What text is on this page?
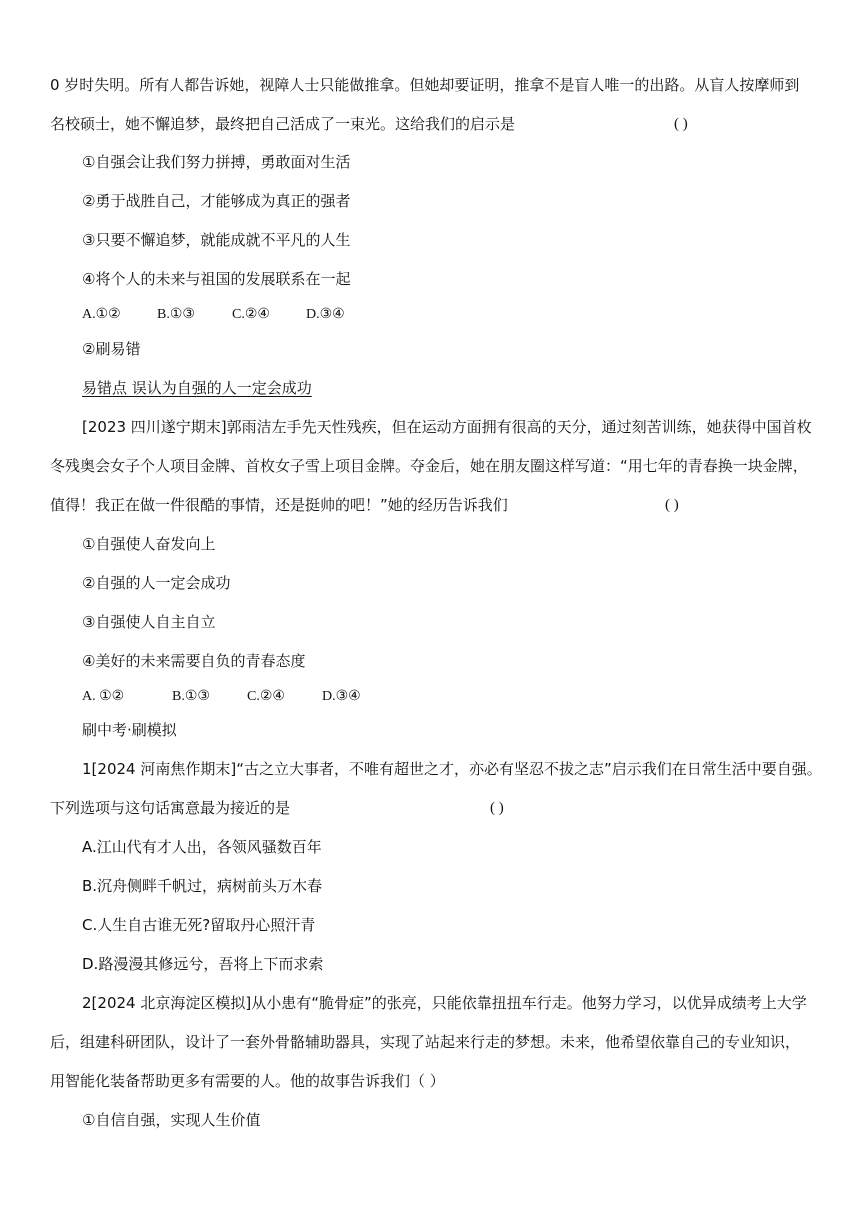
0 岁时失明。所有人都告诉她，视障人士只能做推拿。但她却要证明，推拿不是盲人唯一的出路。从盲人按摩师到
名校硕士，她不懈追梦，最终把自己活成了一束光。这给我们的启示是	( )
①自强会让我们努力拼搏，勇敢面对生活
②勇于战胜自己，才能够成为真正的强者
③只要不懈追梦，就能成就不平凡的人生
④将个人的未来与祖国的发展联系在一起
A.①②	B.①③	C.②④	D.③④
②刷易错
易错点 误认为自强的人一定会成功
[2023 四川遂宁期末]郭雨洁左手先天性残疾，但在运动方面拥有很高的天分，通过刻苦训练，她获得中国首枚
冬残奥会女子个人项目金牌、首枚女子雪上项目金牌。夺金后，她在朋友圈这样写道：“用七年的青春换一块金牌，
值得！我正在做一件很酷的事情，还是挺帅的吧！”她的经历告诉我们	( )
①自强使人奋发向上
②自强的人一定会成功
③自强使人自主自立
④美好的未来需要自负的青春态度
A. ①②	B.①③	C.②④	D.③④
刷中考·刷模拟
1[2024 河南焦作期末]“古之立大事者，不唯有超世之才，亦必有坚忍不拔之志”启示我们在日常生活中要自强。
下列选项与这句话寓意最为接近的是	( )
A.江山代有才人出，各领风骚数百年
B.沉舟侧畔千帆过，病树前头万木春
C.人生自古谁无死?留取丹心照汗青
D.路漫漫其修远兮，吾将上下而求索
2[2024 北京海淀区模拟]从小患有“脆骨症”的张亮，只能依靠扭扭车行走。他努力学习，以优异成绩考上大学
后，组建科研团队，设计了一套外骨骼辅助器具，实现了站起来行走的梦想。未来，他希望依靠自己的专业知识，
用智能化装备帮助更多有需要的人。他的故事告诉我们（ ）
①自信自强，实现人生价值
